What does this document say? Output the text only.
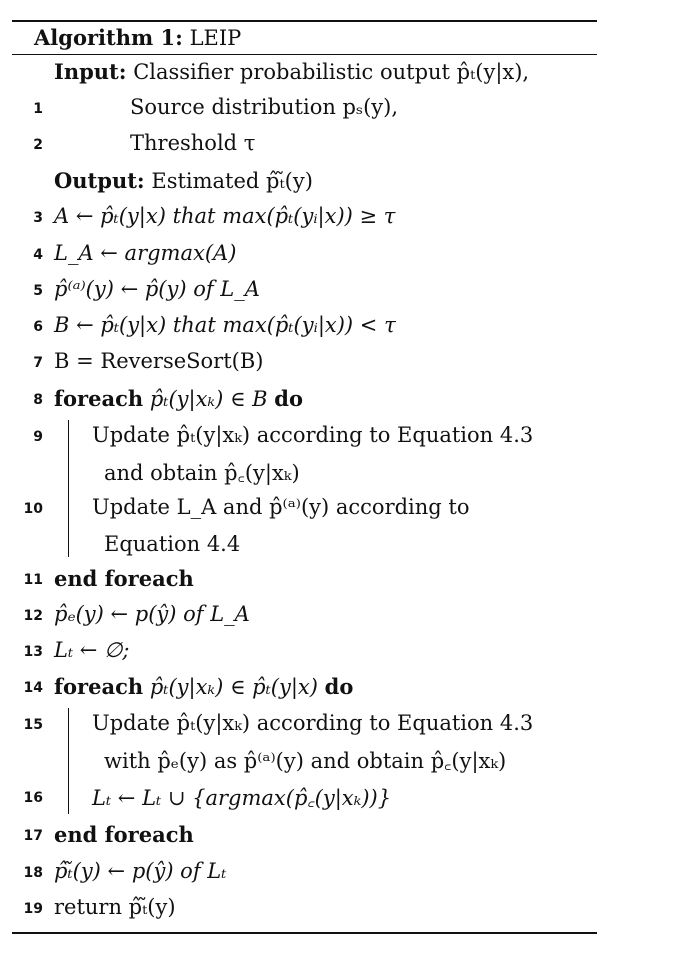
Algorithm 1: LEIP
Input: Classifier probabilistic output p̂ₜ(y|x),
1	Source distribution pₛ(y),
2	Threshold τ
Output: Estimated p̂ₜ̃(y)
3 A ← p̂ₜ(y|x) that max(p̂ₜ(yᵢ|x)) ≥ τ
4 L_A ← argmax(A)
5 p̂⁽ᵃ⁾(y) ← p̂(y) of L_A
6 B ← p̂ₜ(y|x) that max(p̂ₜ(yᵢ|x)) < τ
7 B = ReverseSort(B)
8 foreach p̂ₜ(y|xₖ) ∈ B do
9 Update p̂ₜ(y|xₖ) according to Equation 4.3
and obtain p̂꜀(y|xₖ)
10 Update L_A and p̂⁽ᵃ⁾(y) according to
Equation 4.4
11 end foreach
12 p̂ₑ(y) ← p(ŷ) of L_A
13 Lₜ ← ∅;
14 foreach p̂ₜ(y|xₖ) ∈ p̂ₜ(y|x) do
15 Update p̂ₜ(y|xₖ) according to Equation 4.3
with p̂ₑ(y) as p̂⁽ᵃ⁾(y) and obtain p̂꜀(y|xₖ)
16 Lₜ ← Lₜ ∪ {argmax(p̂꜀(y|xₖ))}
17 end foreach
18 p̂ₜ̃(y) ← p(ŷ) of Lₜ
19 return p̂ₜ̃(y)
